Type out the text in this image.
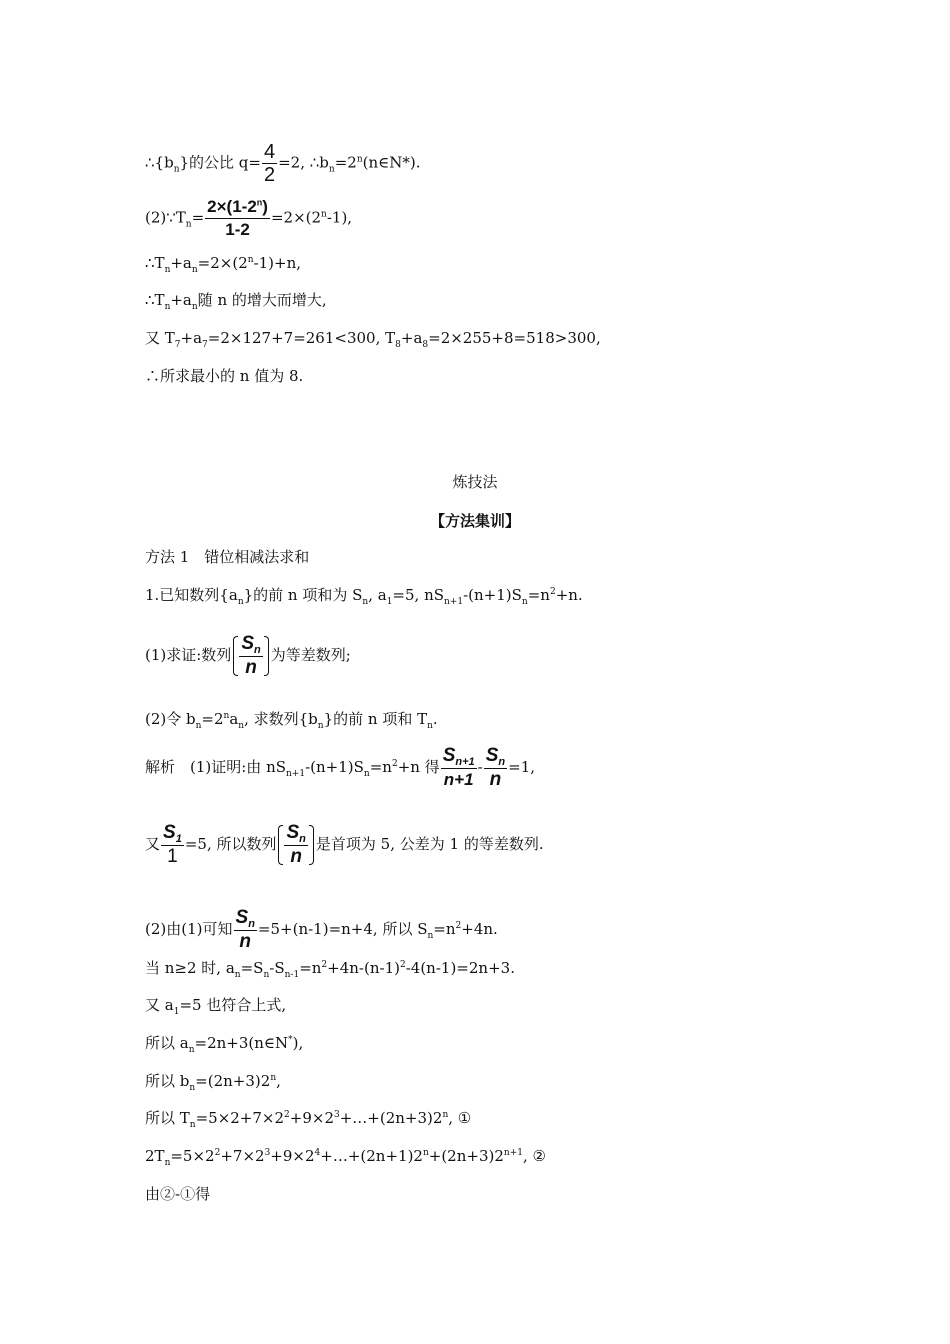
$\therefore\{b_n\}$的公比 $q= \frac{4}{2} =2$, $\therefore b_n=2^n(n\in N*)$.
$(2)\because T_n= \frac{2\times(1-2^n)}{1-2} =2\times(2^n-1)$,
$\therefore T_n+a_n=2\times(2^n-1)+n$,
$\therefore T_n+a_n$随 n 的增大而增大,
又 $T_7+a_7=2\times 127+7=261<300$, $T_8+a_8=2\times 255+8=518>300$,
∴所求最小的 n 值为 8.
炼技法
【方法集训】
方法 1　错位相减法求和
1.已知数列$\{a_n\}$的前 n 项和为 $S_n$, $a_1=5$, $nS_{n+1}-(n+1)S_n=n^2+n$.
(1)求证:数列 $\frac{S_n}{n}$ 为等差数列;
(2)令 $b_n=2^na_n$, 求数列$\{b_n\}$的前 n 项和 $T_n$.
解析　(1)证明:由 $nS_{n+1}-(n+1)S_n=n^2+n$ 得 $\frac{S_{n+1}}{n+1} - \frac{S_n}{n} =1$,
又 $\frac{S_1}{1} =5$, 所以数列 $\frac{S_n}{n}$ 是首项为 5, 公差为 1 的等差数列.
(2)由(1)可知 $\frac{S_n}{n} =5+(n-1)=n+4$, 所以 $S_n=n^2+4n$.
当 n≥2 时, $a_n=S_n-S_{n-1}=n^2+4n-(n-1)^2-4(n-1)=2n+3$.
又 $a_1=5$ 也符合上式,
所以 $a_n=2n+3(n\in N^*)$,
所以 $b_n=(2n+3)2^n$,
所以 $T_n=5\times 2+7\times 2^2+9\times 2^3+\dots+(2n+3)2^n$, ①
$2T_n=5\times 2^2+7\times 2^3+9\times 2^4+\dots+(2n+1)2^n+(2n+3)2^{n+1}$, ②
由②-①得
